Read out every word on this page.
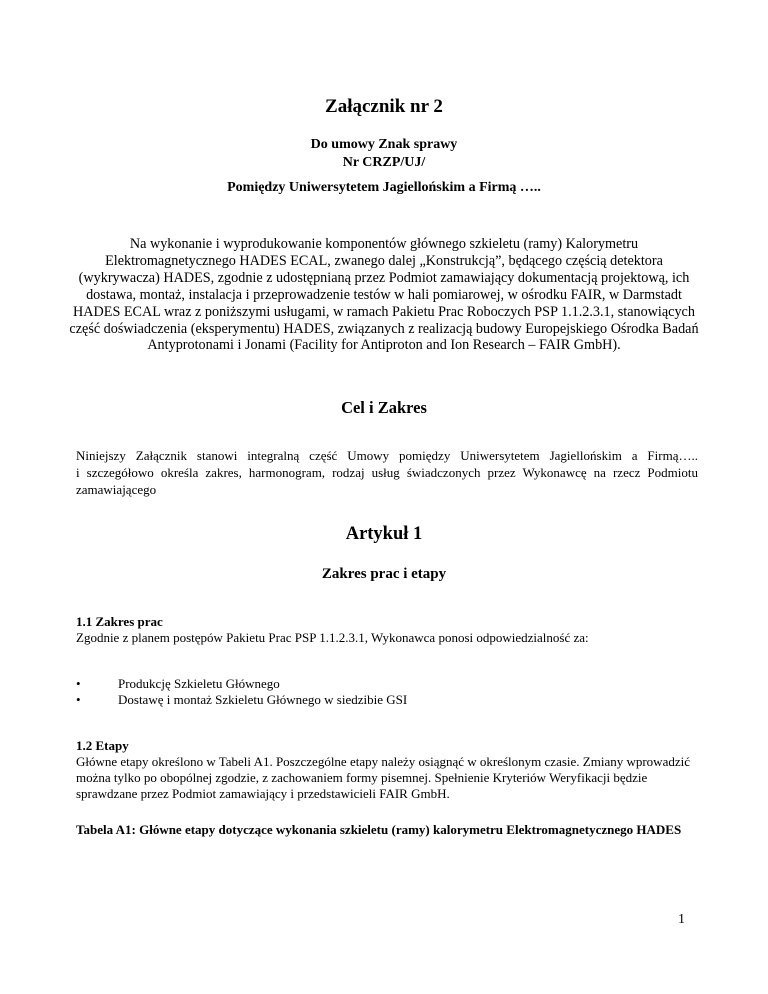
Załącznik nr 2
Do umowy Znak sprawy
Nr CRZP/UJ/
Pomiędzy Uniwersytetem Jagiellońskim a Firmą …..
Na wykonanie i wyprodukowanie komponentów głównego szkieletu (ramy) Kalorymetru Elektromagnetycznego HADES ECAL, zwanego dalej „Konstrukcją”, będącego częścią detektora (wykrywacza) HADES, zgodnie z udostępnianą przez Podmiot zamawiający dokumentacją projektową, ich dostawa, montaż, instalacja i przeprowadzenie testów w hali pomiarowej, w ośrodku FAIR, w Darmstadt HADES ECAL wraz z poniższymi usługami, w ramach Pakietu Prac Roboczych PSP 1.1.2.3.1, stanowiących część doświadczenia (eksperymentu) HADES, związanych z realizacją budowy Europejskiego Ośrodka Badań Antyprotonami i Jonami (Facility for Antiproton and Ion Research – FAIR GmbH).
Cel i Zakres
Niniejszy Załącznik stanowi integralną część Umowy pomiędzy Uniwersytetem Jagiellońskim a Firmą…..
i szczegółowo określa zakres, harmonogram, rodzaj usług świadczonych przez Wykonawcę na rzecz Podmiotu zamawiającego
Artykuł 1
Zakres prac i etapy
1.1 Zakres prac
Zgodnie z planem postępów Pakietu Prac PSP 1.1.2.3.1, Wykonawca ponosi odpowiedzialność za:
•	Produkcję Szkieletu Głównego
•	Dostawę i montaż Szkieletu Głównego w siedzibie GSI
1.2 Etapy
Główne etapy określono w Tabeli A1. Poszczególne etapy należy osiągnąć w określonym czasie. Zmiany wprowadzić można tylko po obopólnej zgodzie, z zachowaniem formy pisemnej. Spełnienie Kryteriów Weryfikacji będzie sprawdzane przez Podmiot zamawiający i przedstawicieli FAIR GmbH.
Tabela A1: Główne etapy dotyczące wykonania szkieletu (ramy) kalorymetru Elektromagnetycznego HADES
1
